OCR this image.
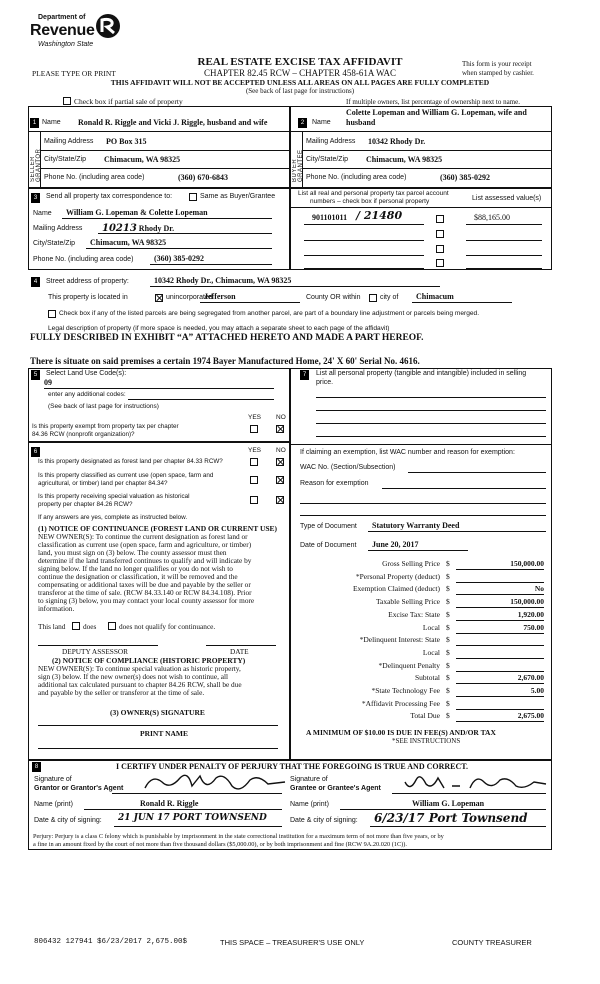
Department of
Revenue
Washington State
REAL ESTATE EXCISE TAX AFFIDAVIT
CHAPTER 82.45 RCW – CHAPTER 458-61A WAC
PLEASE TYPE OR PRINT
This form is your receipt
when stamped by cashier.
THIS AFFIDAVIT WILL NOT BE ACCEPTED UNLESS ALL AREAS ON ALL PAGES ARE FULLY COMPLETED
(See back of last page for instructions)
Check box if partial sale of property	If multiple owners, list percentage of ownership next to name.
1 Name Ronald R. Riggle and Vicki J. Riggle, husband and wife
SELLER GRANTOR
Mailing Address PO Box 315
City/State/Zip Chimacum, WA 98325
Phone No. (including area code)	(360) 670-6843
Colette Lopeman and William G. Lopeman, wife and
2	Name husband
BUYER GRANTEE
Mailing Address 10342 Rhody Dr.
City/State/Zip Chimacum, WA 98325
Phone No. (including area code)	(360) 385-0292
3	Send all property tax correspondence to:	Same as Buyer/Grantee
Name	William G. Lopeman & Colette Lopeman
Mailing Address	10213 Rhody Dr.
City/State/Zip	Chimacum, WA 98325
Phone No. (including area code)	(360) 385-0292
List all real and personal property tax parcel account
numbers – check box if personal property	List assessed value(s)
901101011 / 21480	$88,165.00
4	Street address of property:	10342 Rhody Dr., Chimacum, WA 98325
This property is located in	unincorporated
Jefferson	County OR within	city of	Chimacum
Check box if any of the listed parcels are being segregated from another parcel, are part of a boundary line adjustment or parcels being merged.
Legal description of property (if more space is needed, you may attach a separate sheet to each page of the affidavit)
FULLY DESCRIBED IN EXHIBIT “A” ATTACHED HERETO AND MADE A PART HEREOF.
There is situate on said premises a certain 1974 Bayer Manufactured Home, 24' X 60' Serial No. 4616.
5	Select Land Use Code(s):
09
enter any additional codes:
(See back of last page for instructions)
YES NO
Is this property exempt from property tax per chapter
84.36 RCW (nonprofit organization)?
6	YES NO
Is this property designated as forest land per chapter 84.33 RCW?
Is this property classified as current use (open space, farm and
agricultural, or timber) land per chapter 84.34?
Is this property receiving special valuation as historical
property per chapter 84.26 RCW?
If any answers are yes, complete as instructed below.
(1) NOTICE OF CONTINUANCE (FOREST LAND OR CURRENT USE)
NEW OWNER(S): To continue the current designation as forest land or
classification as current use (open space, farm and agriculture, or timber)
land, you must sign on (3) below. The county assessor must then
determine if the land transferred continues to qualify and will indicate by
signing below. If the land no longer qualifies or you do not wish to
continue the designation or classification, it will be removed and the
compensating or additional taxes will be due and payable by the seller or
transferor at the time of sale. (RCW 84.33.140 or RCW 84.34.108). Prior
to signing (3) below, you may contact your local county assessor for more
information.
This land does	does not qualify for continuance.
DEPUTY ASSESSOR	DATE
(2) NOTICE OF COMPLIANCE (HISTORIC PROPERTY)
NEW OWNER(S): To continue special valuation as historic property,
sign (3) below. If the new owner(s) does not wish to continue, all
additional tax calculated pursuant to chapter 84.26 RCW, shall be due
and payable by the seller or transferor at the time of sale.
(3) OWNER(S) SIGNATURE
PRINT NAME
7	List all personal property (tangible and intangible) included in selling
price.
If claiming an exemption, list WAC number and reason for exemption:
WAC No. (Section/Subsection)
Reason for exemption
Type of Document	Statutory Warranty Deed
Date of Document	June 20, 2017
Gross Selling Price $	150,000.00
*Personal Property (deduct) $
Exemption Claimed (deduct) $	No
Taxable Selling Price $	150,000.00
Excise Tax: State $	1,920.00
Local $	750.00
*Delinquent Interest: State $
Local $
*Delinquent Penalty $
Subtotal $	2,670.00
*State Technology Fee $	5.00
*Affidavit Processing Fee $
Total Due $	2,675.00
A MINIMUM OF $10.00 IS DUE IN FEE(S) AND/OR TAX
*SEE INSTRUCTIONS
8	I CERTIFY UNDER PENALTY OF PERJURY THAT THE FOREGOING IS TRUE AND CORRECT.
Signature of
Grantor or Grantor's Agent
Signature of
Grantee or Grantee's Agent
Name (print)	Ronald R. Riggle	Name (print)	William G. Lopeman
Date & city of signing:	21 JUN 17 PORT TOWNSEND	Date & city of signing:	6/23/17 Port Townsend
Perjury: Perjury is a class C felony which is punishable by imprisonment in the state correctional institution for a maximum term of not more than five years, or by
a fine in an amount fixed by the court of not more than five thousand dollars ($5,000.00), or by both imprisonment and fine (RCW 9A.20.020 (1C)).
806432 127941 $6/23/2017 2,675.00$	THIS SPACE – TREASURER'S USE ONLY	COUNTY TREASURER
